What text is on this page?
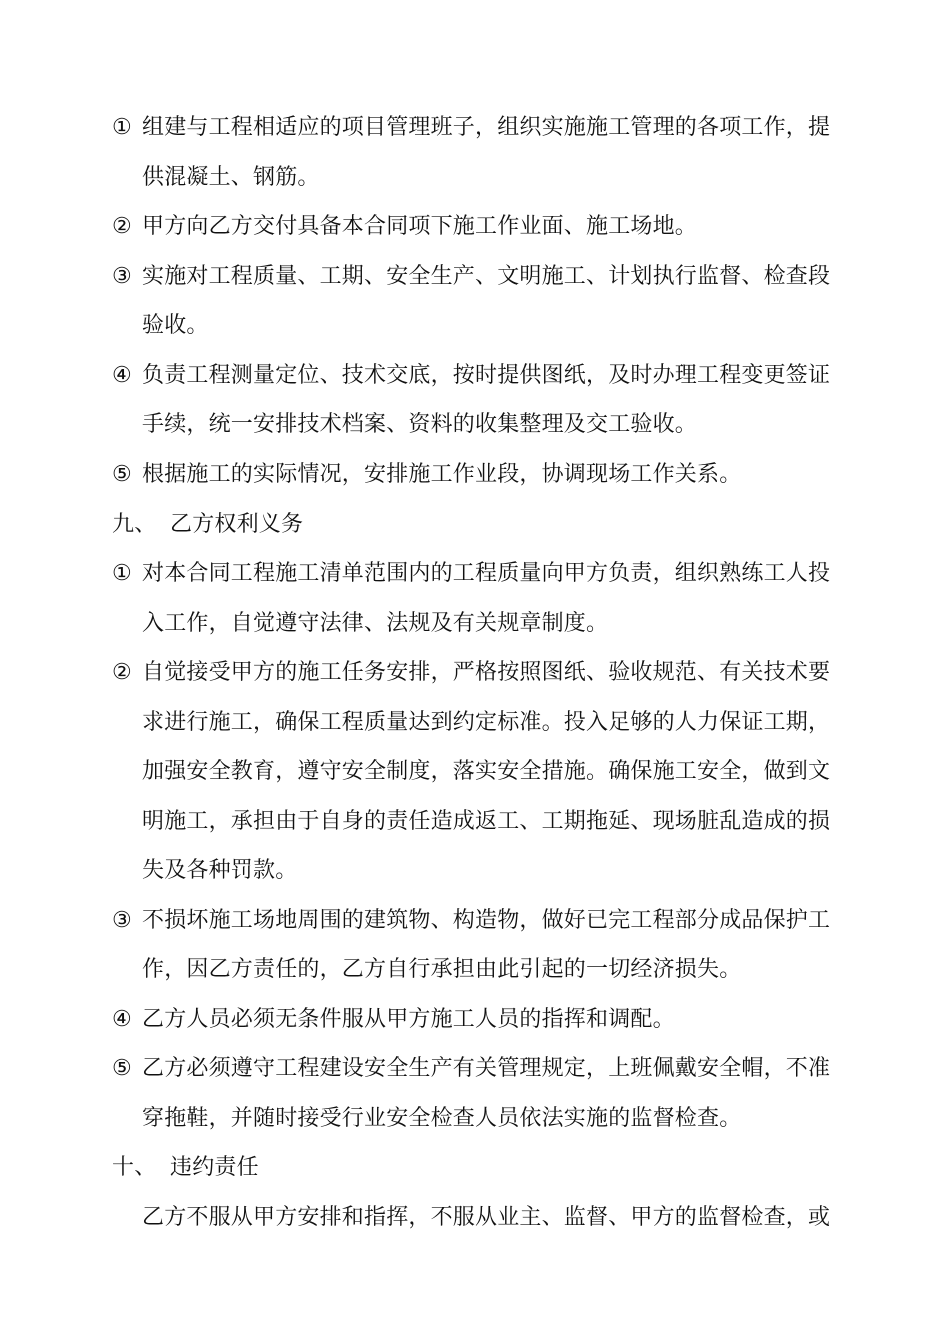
① 组建与工程相适应的项目管理班子，组织实施施工管理的各项工作，提
供混凝土、钢筋。
② 甲方向乙方交付具备本合同项下施工作业面、施工场地。
③ 实施对工程质量、工期、安全生产、文明施工、计划执行监督、检查段
验收。
④ 负责工程测量定位、技术交底，按时提供图纸，及时办理工程变更签证
手续，统一安排技术档案、资料的收集整理及交工验收。
⑤ 根据施工的实际情况，安排施工作业段，协调现场工作关系。
九、 乙方权利义务
① 对本合同工程施工清单范围内的工程质量向甲方负责，组织熟练工人投
入工作，自觉遵守法律、法规及有关规章制度。
② 自觉接受甲方的施工任务安排，严格按照图纸、验收规范、有关技术要
求进行施工，确保工程质量达到约定标准。投入足够的人力保证工期，
加强安全教育，遵守安全制度，落实安全措施。确保施工安全，做到文
明施工，承担由于自身的责任造成返工、工期拖延、现场脏乱造成的损
失及各种罚款。
③ 不损坏施工场地周围的建筑物、构造物，做好已完工程部分成品保护工
作，因乙方责任的，乙方自行承担由此引起的一切经济损失。
④ 乙方人员必须无条件服从甲方施工人员的指挥和调配。
⑤ 乙方必须遵守工程建设安全生产有关管理规定，上班佩戴安全帽，不准
穿拖鞋，并随时接受行业安全检查人员依法实施的监督检查。
十、 违约责任
乙方不服从甲方安排和指挥，不服从业主、监督、甲方的监督检查，或
